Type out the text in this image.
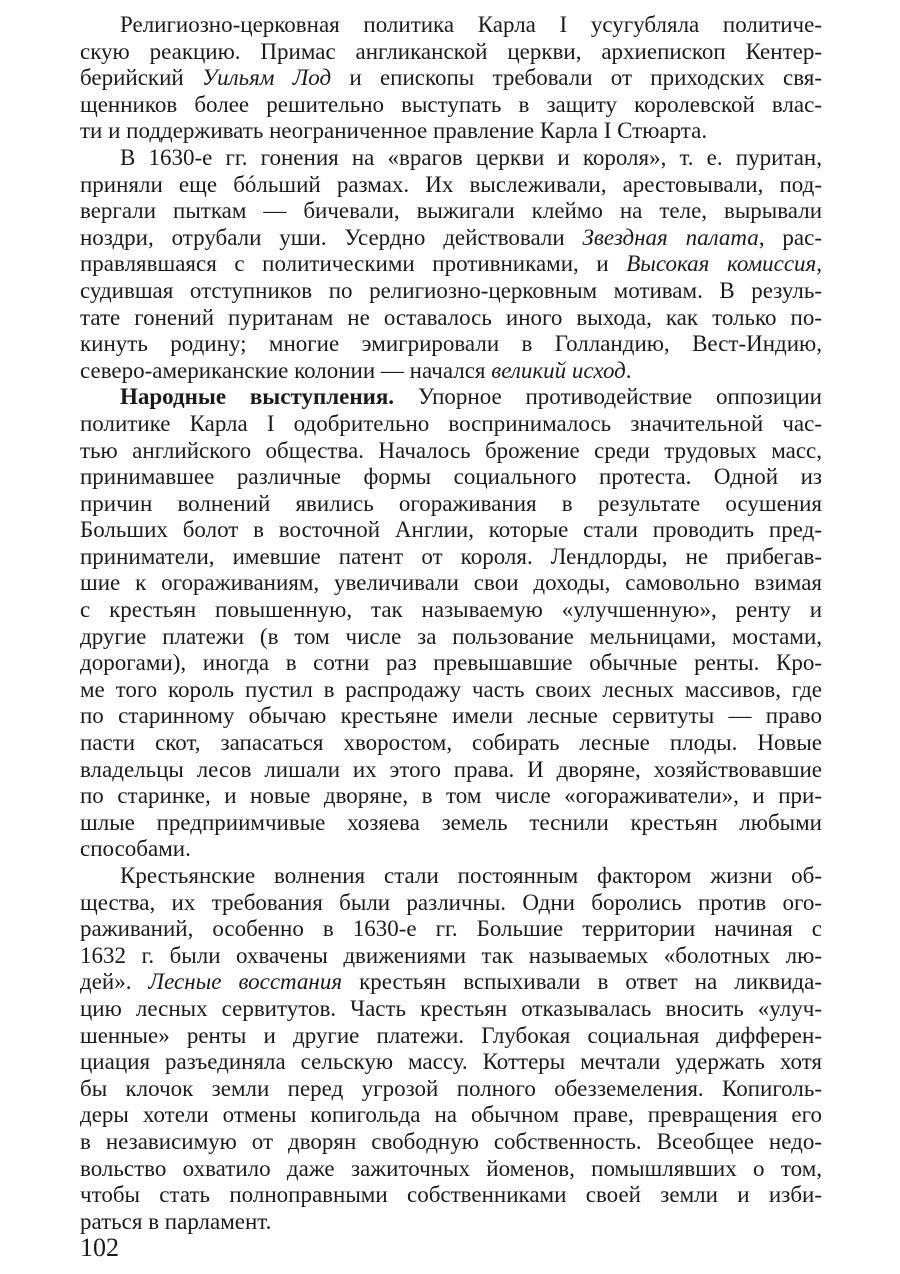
Религиозно-церковная политика Карла I усугубляла политиче-
скую реакцию. Примас англиканской церкви, архиепископ Кентер-
берийский Уильям Лод и епископы требовали от приходских свя-
щенников более решительно выступать в защиту королевской влас-
ти и поддерживать неограниченное правление Карла I Стюарта.
В 1630-е гг. гонения на «врагов церкви и короля», т. е. пуритан,
приняли еще бóльший размах. Их выслеживали, арестовывали, под-
вергали пыткам — бичевали, выжигали клеймо на теле, вырывали
ноздри, отрубали уши. Усердно действовали Звездная палата, рас-
правлявшаяся с политическими противниками, и Высокая комиссия,
судившая отступников по религиозно-церковным мотивам. В резуль-
тате гонений пуританам не оставалось иного выхода, как только по-
кинуть родину; многие эмигрировали в Голландию, Вест-Индию,
северо-американские колонии — начался великий исход.
Народные выступления. Упорное противодействие оппозиции
политике Карла I одобрительно воспринималось значительной час-
тью английского общества. Началось брожение среди трудовых масс,
принимавшее различные формы социального протеста. Одной из
причин волнений явились огораживания в результате осушения
Больших болот в восточной Англии, которые стали проводить пред-
приниматели, имевшие патент от короля. Лендлорды, не прибегав-
шие к огораживаниям, увеличивали свои доходы, самовольно взимая
с крестьян повышенную, так называемую «улучшенную», ренту и
другие платежи (в том числе за пользование мельницами, мостами,
дорогами), иногда в сотни раз превышавшие обычные ренты. Кро-
ме того король пустил в распродажу часть своих лесных массивов, где
по старинному обычаю крестьяне имели лесные сервитуты — право
пасти скот, запасаться хворостом, собирать лесные плоды. Новые
владельцы лесов лишали их этого права. И дворяне, хозяйствовавшие
по старинке, и новые дворяне, в том числе «огораживатели», и при-
шлые предприимчивые хозяева земель теснили крестьян любыми
способами.
Крестьянские волнения стали постоянным фактором жизни об-
щества, их требования были различны. Одни боролись против ого-
раживаний, особенно в 1630-е гг. Большие территории начиная с
1632 г. были охвачены движениями так называемых «болотных лю-
дей». Лесные восстания крестьян вспыхивали в ответ на ликвида-
цию лесных сервитутов. Часть крестьян отказывалась вносить «улуч-
шенные» ренты и другие платежи. Глубокая социальная дифферен-
циация разъединяла сельскую массу. Коттеры мечтали удержать хотя
бы клочок земли перед угрозой полного обезземеления. Копиголь-
деры хотели отмены копигольда на обычном праве, превращения его
в независимую от дворян свободную собственность. Всеобщее недо-
вольство охватило даже зажиточных йоменов, помышлявших о том,
чтобы стать полноправными собственниками своей земли и изби-
раться в парламент.
102
